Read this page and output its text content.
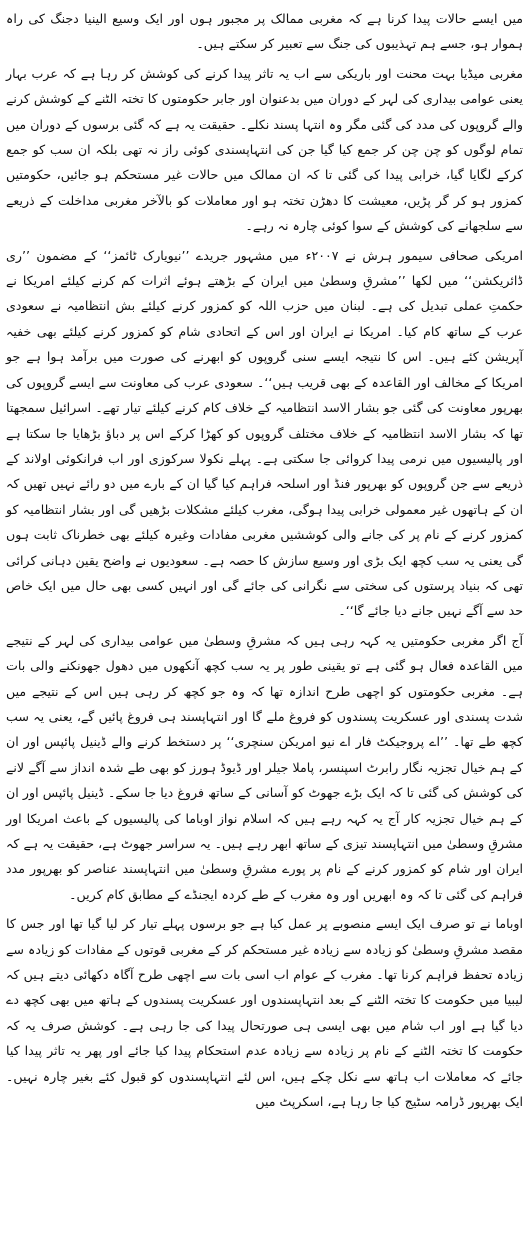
میں ایسے حالات پیدا کرنا ہے کہ مغربی ممالک پر مجبور ہوں اور ایک وسیع الینیا دجنگ کی راہ ہموار ہو، جسے ہم تہذیبوں کی جنگ سے تعبیر کر سکتے ہیں۔

مغربی میڈیا بہت محنت اور باریکی سے اب یہ تاثر پیدا کرنے کی کوشش کر رہا ہے کہ عرب بہار یعنی عوامی بیداری کی لہر کے دوران میں بدعنوان اور جابر حکومتوں کا تختہ الٹنے کے کوشش کرنے والے گروپوں کی مدد کی گئی مگر وہ انتہا پسند نکلے۔ حقیقت یہ ہے کہ گئی برسوں کے دوران میں تمام لوگوں کو چن چن کر جمع کیا گیا جن کی انتہاپسندی کوئی راز نہ تھی بلکہ ان سب کو جمع کرکے لگایا گیا، خرابی پیدا کی گئی تا کہ ان ممالک میں حالات غیر مستحکم ہو جائیں، حکومتیں کمزور ہو کر گر پڑیں، معیشت کا دھڑن تختہ ہو اور معاملات کو بالآخر مغربی مداخلت کے ذریعے سے سلجھانے کی کوشش کے سوا کوئی چارہ نہ رہے۔

امریکی صحافی سیمور ہرش نے ۲۰۰۷ء میں مشہور جریدے ’’نیویارک ٹائمز‘‘ کے مضمون ’’ری ڈائریکشن‘‘ میں لکھا ’’مشرقِ وسطیٰ میں ایران کے بڑھتے ہوئے اثرات کم کرنے کیلئے امریکا نے حکمتِ عملی تبدیل کی ہے۔ لبنان میں حزب اللہ کو کمزور کرنے کیلئے بش انتظامیہ نے سعودی عرب کے ساتھ کام کیا۔ امریکا نے ایران اور اس کے اتحادی شام کو کمزور کرنے کیلئے بھی خفیہ آپریشن کئے ہیں۔ اس کا نتیجہ ایسے سنی گروپوں کو ابھرنے کی صورت میں برآمد ہوا ہے جو امریکا کے مخالف اور القاعدہ کے بھی قریب ہیں‘‘۔ سعودی عرب کی معاونت سے ایسے گروپوں کی بھرپور معاونت کی گئی جو بشار الاسد انتظامیہ کے خلاف کام کرنے کیلئے تیار تھے۔ اسرائیل سمجھتا تھا کہ بشار الاسد انتظامیہ کے خلاف مختلف گروپوں کو کھڑا کرکے اس پر دباؤ بڑھایا جا سکتا ہے اور پالیسیوں میں نرمی پیدا کروائی جا سکتی ہے۔ پہلے نکولا سرکوزی اور اب فرانکوئی اولاند کے ذریعے سے جن گروپوں کو بھرپور فنڈ اور اسلحہ فراہم کیا گیا ان کے بارے میں دو رائے نہیں تھیں کہ ان کے ہاتھوں غیر معمولی خرابی پیدا ہوگی، مغرب کیلئے مشکلات بڑھیں گی اور بشار انتظامیہ کو کمزور کرنے کے نام پر کی جانے والی کوششیں مغربی مفادات وغیرہ کیلئے بھی خطرناک ثابت ہوں گی یعنی یہ سب کچھ ایک بڑی اور وسیع سازش کا حصہ ہے۔ سعودیوں نے واضح یقین دہانی کرائی تھی کہ بنیاد پرستوں کی سختی سے نگرانی کی جائے گی اور انہیں کسی بھی حال میں ایک خاص حد سے آگے نہیں جانے دیا جائے گا‘‘۔

آج اگر مغربی حکومتیں یہ کہہ رہی ہیں کہ مشرقِ وسطیٰ میں عوامی بیداری کی لہر کے نتیجے میں القاعدہ فعال ہو گئی ہے تو یقینی طور پر یہ سب کچھ آنکھوں میں دھول جھونکنے والی بات ہے۔ مغربی حکومتوں کو اچھی طرح اندازہ تھا کہ وہ جو کچھ کر رہی ہیں اس کے نتیجے میں شدت پسندی اور عسکریت پسندوں کو فروغ ملے گا اور انتہاپسند ہی فروغ پائیں گے، یعنی یہ سب کچھ طے تھا۔ ’’اے پروجیکٹ فار اے نیو امریکن سنچری‘‘ پر دستخط کرنے والے ڈینیل پائپس اور ان کے ہم خیال تجزیہ نگار رابرٹ اسپنسر، پاملا جیلر اور ڈیوڈ ہورز کو بھی طے شدہ انداز سے آگے لانے کی کوشش کی گئی تا کہ ایک بڑے جھوٹ کو آسانی کے ساتھ فروغ دیا جا سکے۔ ڈینیل پائپس اور ان کے ہم خیال تجزیہ کار آج یہ کہہ رہے ہیں کہ اسلام نواز اوباما کی پالیسیوں کے باعث امریکا اور مشرقِ وسطیٰ میں انتہاپسند تیزی کے ساتھ ابھر رہے ہیں۔ یہ سراسر جھوٹ ہے، حقیقت یہ ہے کہ ایران اور شام کو کمزور کرنے کے نام پر پورے مشرقِ وسطیٰ میں انتہاپسند عناصر کو بھرپور مدد فراہم کی گئی تا کہ وہ ابھریں اور وہ مغرب کے طے کردہ ایجنڈے کے مطابق کام کریں۔

اوباما نے تو صرف ایک ایسے منصوبے پر عمل کیا ہے جو برسوں پہلے تیار کر لیا گیا تھا اور جس کا مقصد مشرقِ وسطیٰ کو زیادہ سے زیادہ غیر مستحکم کر کے مغربی قوتوں کے مفادات کو زیادہ سے زیادہ تحفظ فراہم کرنا تھا۔ مغرب کے عوام اب اسی بات سے اچھی طرح آگاہ دکھائی دیتے ہیں کہ لیبیا میں حکومت کا تختہ الٹنے کے بعد انتہاپسندوں اور عسکریت پسندوں کے ہاتھ میں بھی کچھ دے دیا گیا ہے اور اب شام میں بھی ایسی ہی صورتحال پیدا کی جا رہی ہے۔ کوشش صرف یہ کہ حکومت کا تختہ الٹنے کے نام پر زیادہ سے زیادہ عدم استحکام پیدا کیا جائے اور پھر یہ تاثر پیدا کیا جائے کہ معاملات اب ہاتھ سے نکل چکے ہیں، اس لئے انتہاپسندوں کو قبول کئے بغیر چارہ نہیں۔ ایک بھرپور ڈرامہ سٹیج کیا جا رہا ہے، اسکرپٹ میں
